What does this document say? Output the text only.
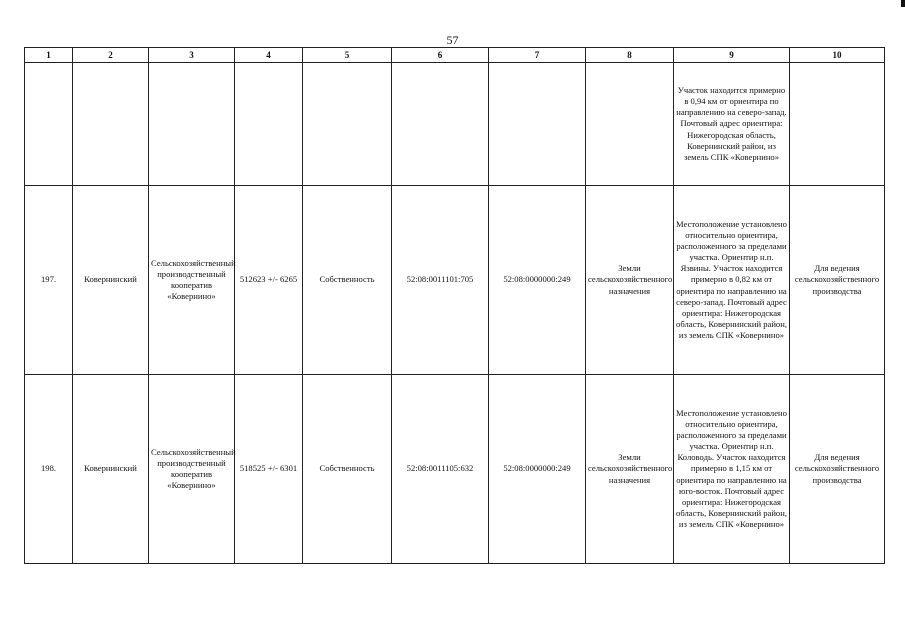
57
1	2	3	4	5	6	7	8	9	10
								Участок находится примерно в 0,94 км от ориентира по направлению на северо-запад. Почтовый адрес ориентира: Нижегородская область, Ковернинский район, из земель СПК «Ковернино»	
197.	Ковернинский	Сельскохозяйственный производственный кооператив «Ковернино»	512623 +/- 6265	Собственность	52:08:0011101:705	52:08:0000000:249	Земли сельскохозяйственного назначения	Местоположение установлено относительно ориентира, расположенного за пределами участка. Ориентир н.п. Язвины. Участок находится примерно в 0,82 км от ориентира по направлению на северо-запад. Почтовый адрес ориентира: Нижегородская область, Ковернинский район, из земель СПК «Ковернино»	Для ведения сельскохозяйственного производства
198.	Ковернинский	Сельскохозяйственный производственный кооператив «Ковернино»	518525 +/- 6301	Собственность	52:08:0011105:632	52:08:0000000:249	Земли сельскохозяйственного назначения	Местоположение установлено относительно ориентира, расположенного за пределами участка. Ориентир н.п. Коловодь. Участок находится примерно в 1,15 км от ориентира по направлению на юго-восток. Почтовый адрес ориентира: Нижегородская область, Ковернинский район, из земель СПК «Ковернино»	Для ведения сельскохозяйственного производства
